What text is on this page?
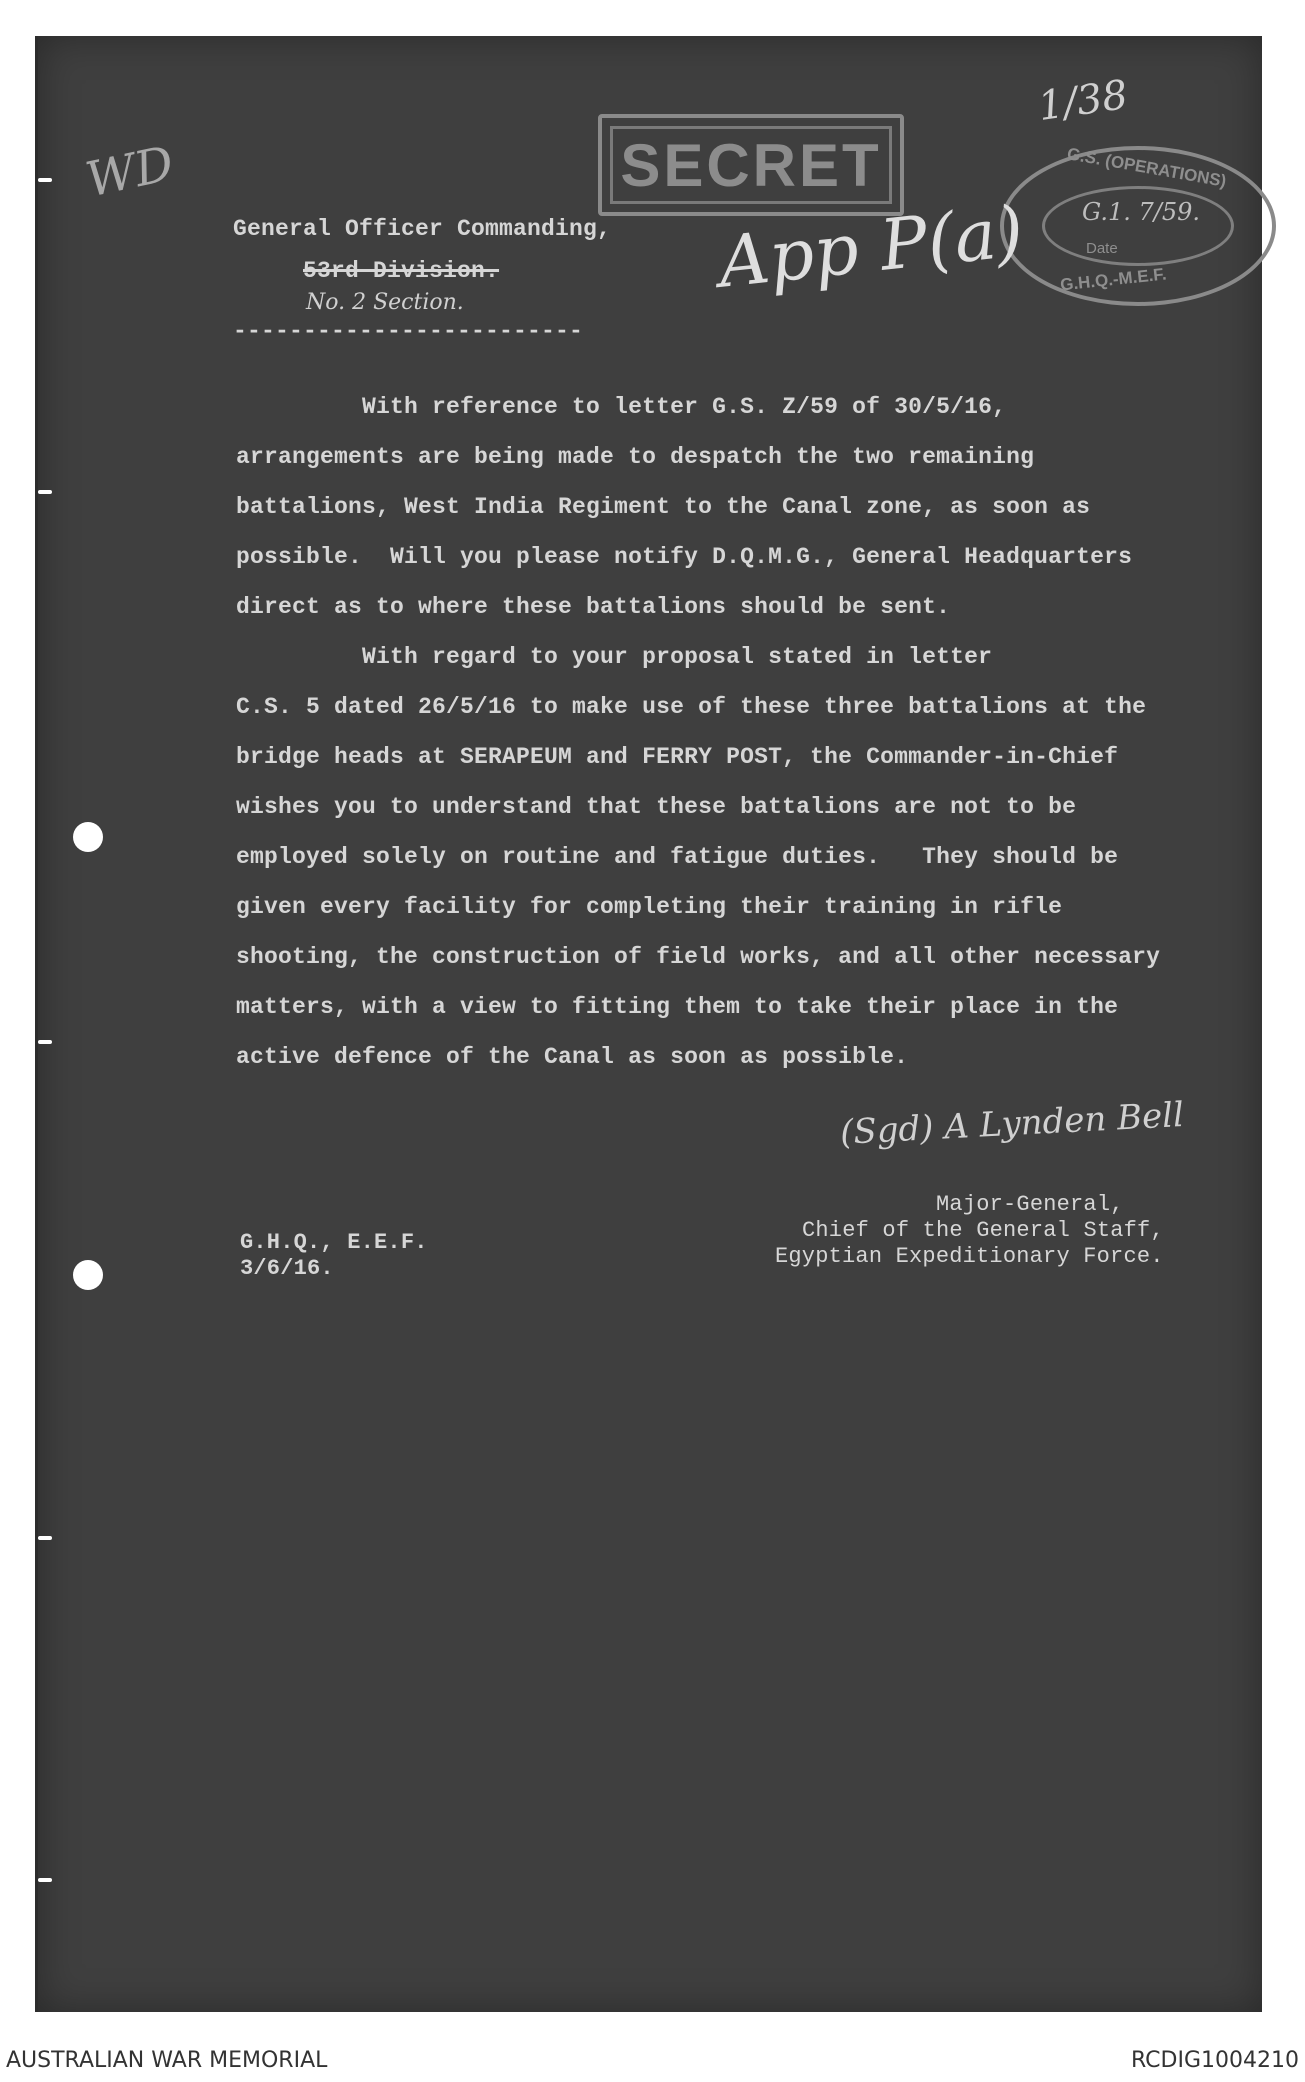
SECRET	G.S. (OPERATIONS)
G.1. 7/59.
Date
G.H.Q.-M.E.F.
1/38
WD
App P(a)
General Officer Commanding,
53rd Division.
No. 2 Section.
-------------------------
With reference to letter G.S. Z/59 of 30/5/16,
arrangements are being made to despatch the two remaining
battalions, West India Regiment to the Canal zone, as soon as
possible.  Will you please notify D.Q.M.G., General Headquarters
direct as to where these battalions should be sent.
With regard to your proposal stated in letter
C.S. 5 dated 26/5/16 to make use of these three battalions at the
bridge heads at SERAPEUM and FERRY POST, the Commander-in-Chief
wishes you to understand that these battalions are not to be
employed solely on routine and fatigue duties.   They should be
given every facility for completing their training in rifle
shooting, the construction of field works, and all other necessary
matters, with a view to fitting them to take their place in the
active defence of the Canal as soon as possible.
(Sgd) A Lynden Bell
Major-General,
Chief of the General Staff,
Egyptian Expeditionary Force.
G.H.Q., E.E.F.
3/6/16.
AUSTRALIAN WAR MEMORIAL	RCDIG1004210
